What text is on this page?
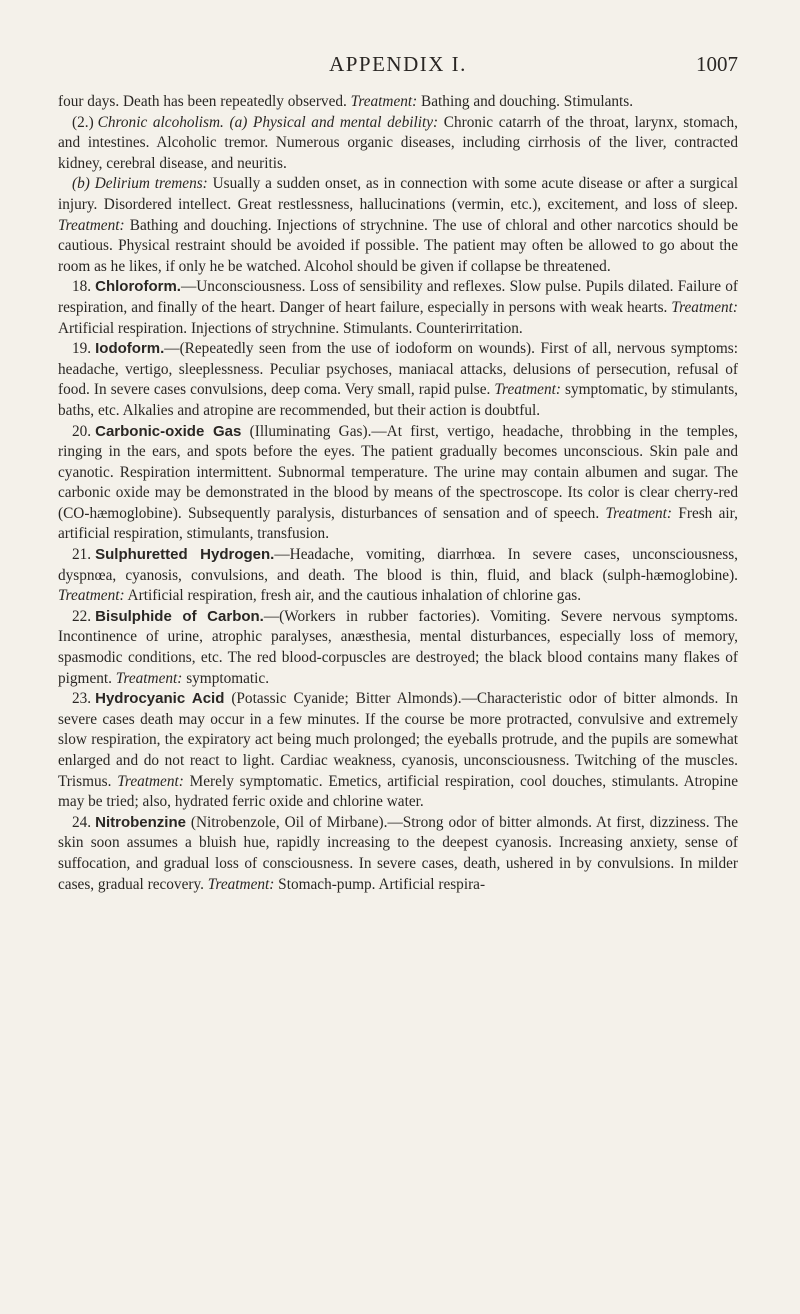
APPENDIX I.	1007

four days. Death has been repeatedly observed. Treatment: Bathing and douching. Stimulants.

(2.) Chronic alcoholism. (a) Physical and mental debility: Chronic catarrh of the throat, larynx, stomach, and intestines. Alcoholic tremor. Numerous organic diseases, including cirrhosis of the liver, contracted kidney, cerebral disease, and neuritis.

(b) Delirium tremens: Usually a sudden onset, as in connection with some acute disease or after a surgical injury. Disordered intellect. Great restlessness, hallucinations (vermin, etc.), excitement, and loss of sleep. Treatment: Bathing and douching. Injections of strychnine. The use of chloral and other narcotics should be cautious. Physical restraint should be avoided if possible. The patient may often be allowed to go about the room as he likes, if only he be watched. Alcohol should be given if collapse be threatened.

18. Chloroform.—Unconsciousness. Loss of sensibility and reflexes. Slow pulse. Pupils dilated. Failure of respiration, and finally of the heart. Danger of heart failure, especially in persons with weak hearts. Treatment: Artificial respiration. Injections of strychnine. Stimulants. Counterirritation.

19. Iodoform.—(Repeatedly seen from the use of iodoform on wounds). First of all, nervous symptoms: headache, vertigo, sleeplessness. Peculiar psychoses, maniacal attacks, delusions of persecution, refusal of food. In severe cases convulsions, deep coma. Very small, rapid pulse. Treatment: symptomatic, by stimulants, baths, etc. Alkalies and atropine are recommended, but their action is doubtful.

20. Carbonic-oxide Gas (Illuminating Gas).—At first, vertigo, headache, throbbing in the temples, ringing in the ears, and spots before the eyes. The patient gradually becomes unconscious. Skin pale and cyanotic. Respiration intermittent. Subnormal temperature. The urine may contain albumen and sugar. The carbonic oxide may be demonstrated in the blood by means of the spectroscope. Its color is clear cherry-red (CO-hæmoglobine). Subsequently paralysis, disturbances of sensation and of speech. Treatment: Fresh air, artificial respiration, stimulants, transfusion.

21. Sulphuretted Hydrogen.—Headache, vomiting, diarrhœa. In severe cases, unconsciousness, dyspnœa, cyanosis, convulsions, and death. The blood is thin, fluid, and black (sulph-hæmoglobine). Treatment: Artificial respiration, fresh air, and the cautious inhalation of chlorine gas.

22. Bisulphide of Carbon.—(Workers in rubber factories). Vomiting. Severe nervous symptoms. Incontinence of urine, atrophic paralyses, anæsthesia, mental disturbances, especially loss of memory, spasmodic conditions, etc. The red blood-corpuscles are destroyed; the black blood contains many flakes of pigment. Treatment: symptomatic.

23. Hydrocyanic Acid (Potassic Cyanide; Bitter Almonds).—Characteristic odor of bitter almonds. In severe cases death may occur in a few minutes. If the course be more protracted, convulsive and extremely slow respiration, the expiratory act being much prolonged; the eyeballs protrude, and the pupils are somewhat enlarged and do not react to light. Cardiac weakness, cyanosis, unconsciousness. Twitching of the muscles. Trismus. Treatment: Merely symptomatic. Emetics, artificial respiration, cool douches, stimulants. Atropine may be tried; also, hydrated ferric oxide and chlorine water.

24. Nitrobenzine (Nitrobenzole, Oil of Mirbane).—Strong odor of bitter almonds. At first, dizziness. The skin soon assumes a bluish hue, rapidly increasing to the deepest cyanosis. Increasing anxiety, sense of suffocation, and gradual loss of consciousness. In severe cases, death, ushered in by convulsions. In milder cases, gradual recovery. Treatment: Stomach-pump. Artificial respira-
